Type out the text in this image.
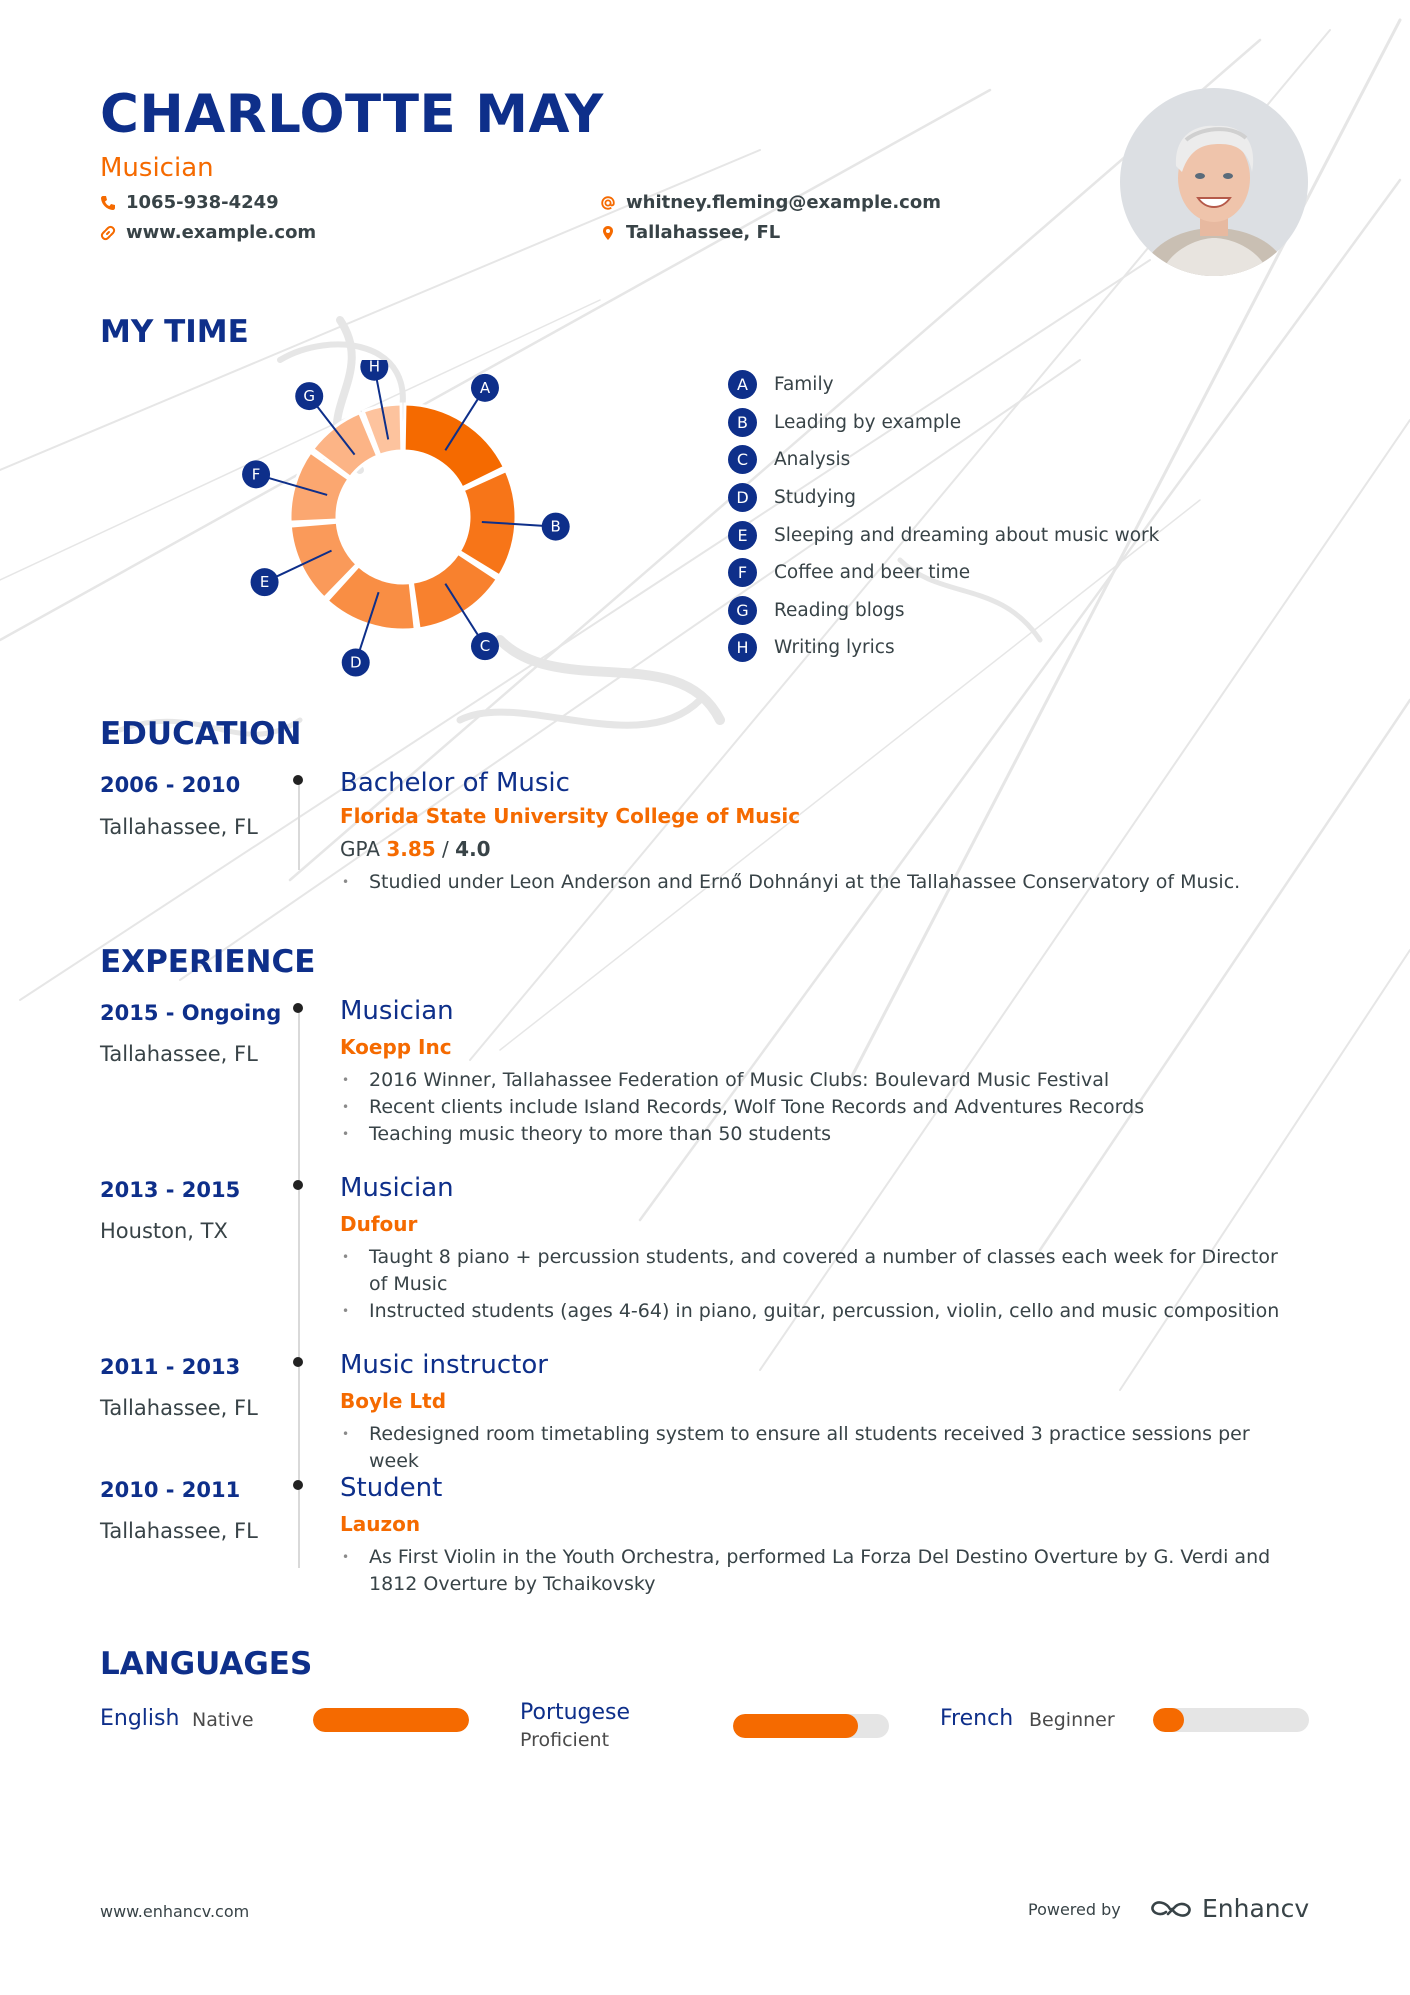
CHARLOTTE MAY
Musician
1065-938-4249
www.example.com
whitney.fleming@example.com
Tallahassee, FL
MY TIME
A
B
C
D
E
F
G
H
A	Family
B	Leading by example
C	Analysis
D	Studying
E	Sleeping and dreaming about music work
F	Coffee and beer time
G	Reading blogs
H	Writing lyrics
EDUCATION
2006 - 2010
Tallahassee, FL
Bachelor of Music
Florida State University College of Music
GPA 3.85 / 4.0
• Studied under Leon Anderson and Ernő Dohnányi at the Tallahassee Conservatory of Music.
EXPERIENCE
2015 - Ongoing
Tallahassee, FL
Musician
Koepp Inc
• 2016 Winner, Tallahassee Federation of Music Clubs: Boulevard Music Festival
• Recent clients include Island Records, Wolf Tone Records and Adventures Records
• Teaching music theory to more than 50 students
2013 - 2015
Houston, TX
Musician
Dufour
• Taught 8 piano + percussion students, and covered a number of classes each week for Director of Music
• Instructed students (ages 4-64) in piano, guitar, percussion, violin, cello and music composition
2011 - 2013
Tallahassee, FL
Music instructor
Boyle Ltd
• Redesigned room timetabling system to ensure all students received 3 practice sessions per week
2010 - 2011
Tallahassee, FL
Student
Lauzon
• As First Violin in the Youth Orchestra, performed La Forza Del Destino Overture by G. Verdi and 1812 Overture by Tchaikovsky
LANGUAGES
English Native	Portugese
Proficient
French Beginner
www.enhancv.com	Powered by	Enhancv
